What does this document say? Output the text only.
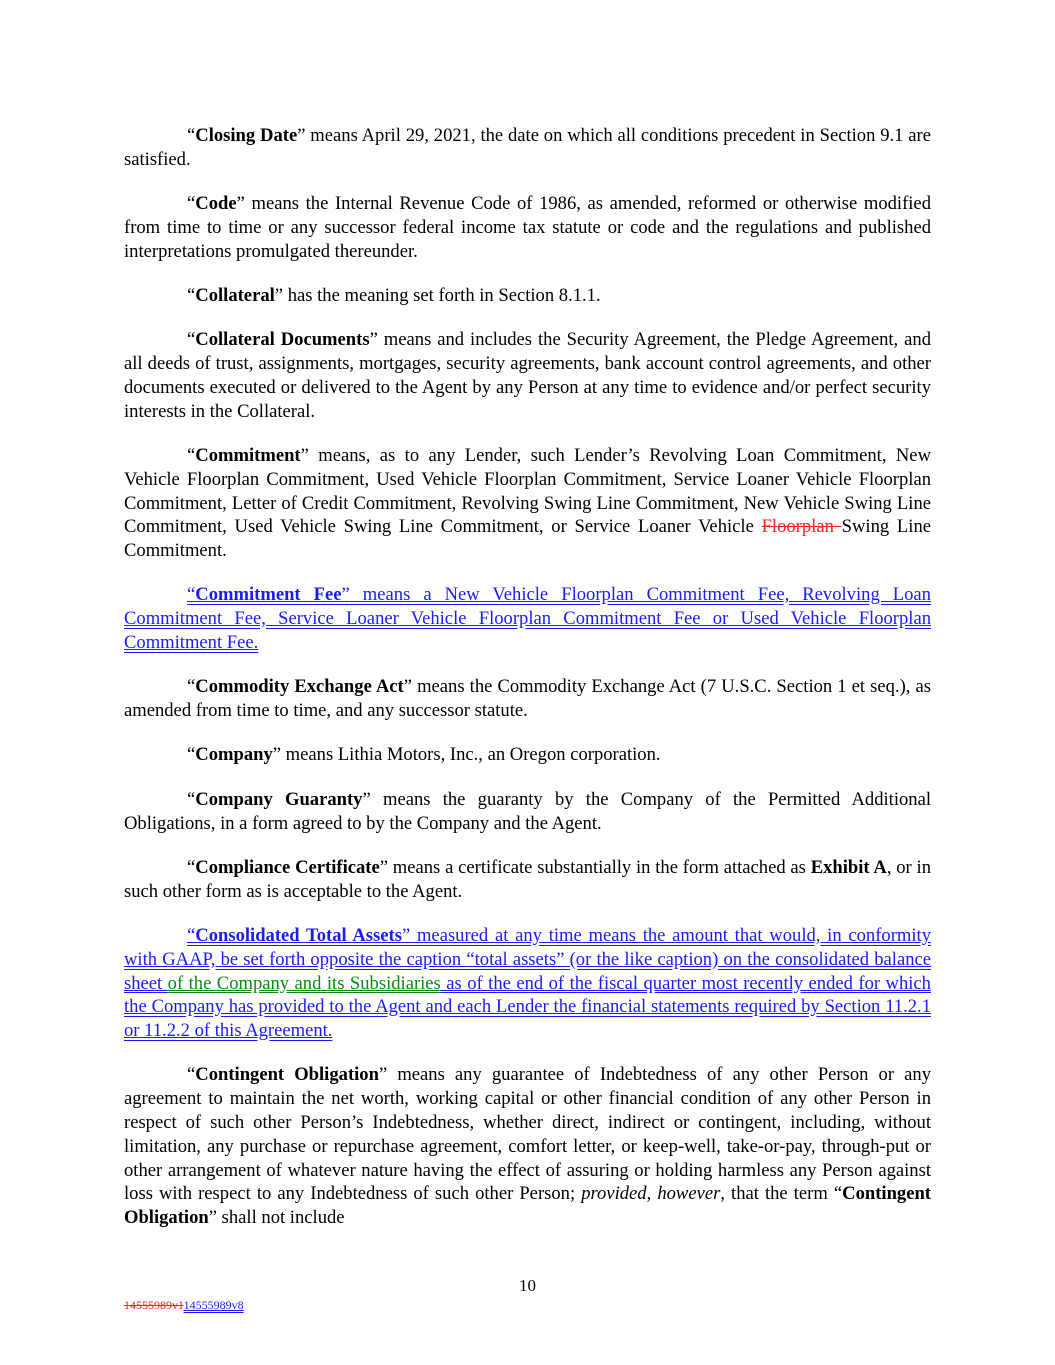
“Closing Date” means April 29, 2021, the date on which all conditions precedent in Section 9.1 are satisfied.

“Code” means the Internal Revenue Code of 1986, as amended, reformed or otherwise modified from time to time or any successor federal income tax statute or code and the regulations and published interpretations promulgated thereunder.

“Collateral” has the meaning set forth in Section 8.1.1.

“Collateral Documents” means and includes the Security Agreement, the Pledge Agreement, and all deeds of trust, assignments, mortgages, security agreements, bank account control agreements, and other documents executed or delivered to the Agent by any Person at any time to evidence and/or perfect security interests in the Collateral.

“Commitment” means, as to any Lender, such Lender’s Revolving Loan Commitment, New Vehicle Floorplan Commitment, Used Vehicle Floorplan Commitment, Service Loaner Vehicle Floorplan Commitment, Letter of Credit Commitment, Revolving Swing Line Commitment, New Vehicle Swing Line Commitment, Used Vehicle Swing Line Commitment, or Service Loaner Vehicle Floorplan Swing Line Commitment.

“Commitment Fee” means a New Vehicle Floorplan Commitment Fee, Revolving Loan Commitment Fee, Service Loaner Vehicle Floorplan Commitment Fee or Used Vehicle Floorplan Commitment Fee.

“Commodity Exchange Act” means the Commodity Exchange Act (7 U.S.C. Section 1 et seq.), as amended from time to time, and any successor statute.

“Company” means Lithia Motors, Inc., an Oregon corporation.

“Company Guaranty” means the guaranty by the Company of the Permitted Additional Obligations, in a form agreed to by the Company and the Agent.

“Compliance Certificate” means a certificate substantially in the form attached as Exhibit A, or in such other form as is acceptable to the Agent.

“Consolidated Total Assets” measured at any time means the amount that would, in conformity with GAAP, be set forth opposite the caption “total assets” (or the like caption) on the consolidated balance sheet of the Company and its Subsidiaries as of the end of the fiscal quarter most recently ended for which the Company has provided to the Agent and each Lender the financial statements required by Section 11.2.1 or 11.2.2 of this Agreement.

“Contingent Obligation” means any guarantee of Indebtedness of any other Person or any agreement to maintain the net worth, working capital or other financial condition of any other Person in respect of such other Person’s Indebtedness, whether direct, indirect or contingent, including, without limitation, any purchase or repurchase agreement, comfort letter, or keep-well, take-or-pay, through-put or other arrangement of whatever nature having the effect of assuring or holding harmless any Person against loss with respect to any Indebtedness of such other Person; provided, however, that the term “Contingent Obligation” shall not include

10
14555989v114555989v8
